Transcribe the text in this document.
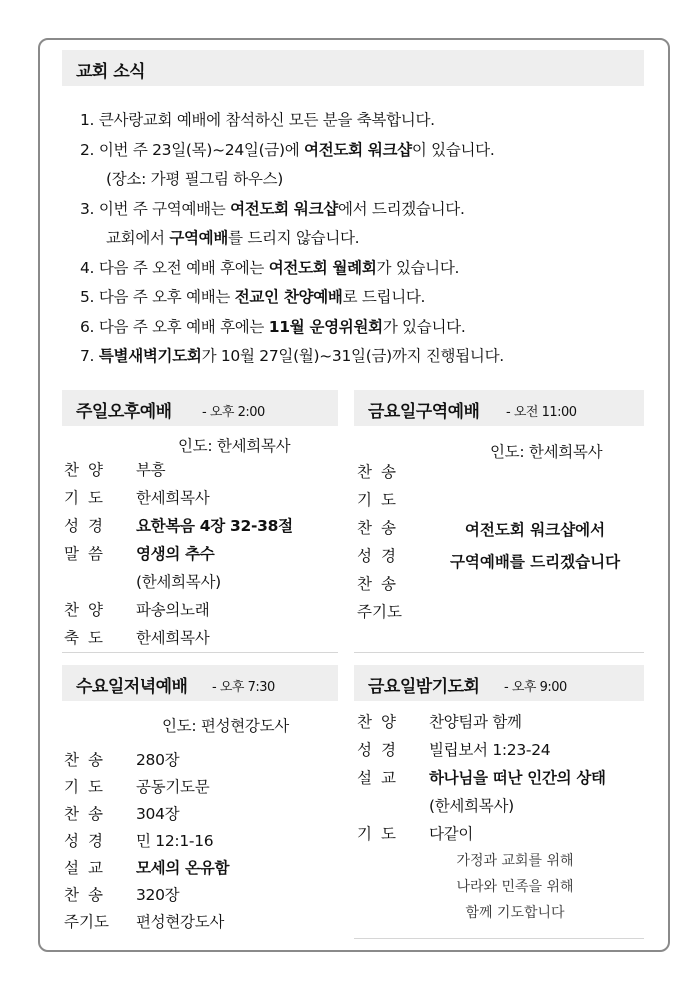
교회 소식
1. 큰사랑교회 예배에 참석하신 모든 분을 축복합니다.
2. 이번 주 23일(목)~24일(금)에 여전도회 워크샵이 있습니다.
(장소: 가평 필그림 하우스)
3. 이번 주 구역예배는 여전도회 워크샵에서 드리겠습니다.
교회에서 구역예배를 드리지 않습니다.
4. 다음 주 오전 예배 후에는 여전도회 월례회가 있습니다.
5. 다음 주 오후 예배는 전교인 찬양예배로 드립니다.
6. 다음 주 오후 예배 후에는 11월 운영위원회가 있습니다.
7. 특별새벽기도회가 10월 27일(월)~31일(금)까지 진행됩니다.
주일오후예배 - 오후 2:00
인도: 한세희목사
찬양	부흥
기도	한세희목사
성경	요한복음 4장 32-38절
말씀	영생의 추수
(한세희목사)
찬양	파송의노래
축도	한세희목사
금요일구역예배 - 오전 11:00
인도: 한세희목사
찬송
기도
찬송
성경
찬송
주기도
여전도회 워크샵에서
구역예배를 드리겠습니다
수요일저녁예배 - 오후 7:30
인도: 편성현강도사
찬송	280장
기도	공동기도문
찬송	304장
성경	민 12:1-16
설교	모세의 온유함
찬송	320장
주기도	편성현강도사
금요일밤기도회 - 오후 9:00
찬양	찬양팀과 함께
성경	빌립보서 1:23-24
설교	하나님을 떠난 인간의 상태
(한세희목사)
기도	다같이
가정과 교회를 위해
나라와 민족을 위해
함께 기도합니다
